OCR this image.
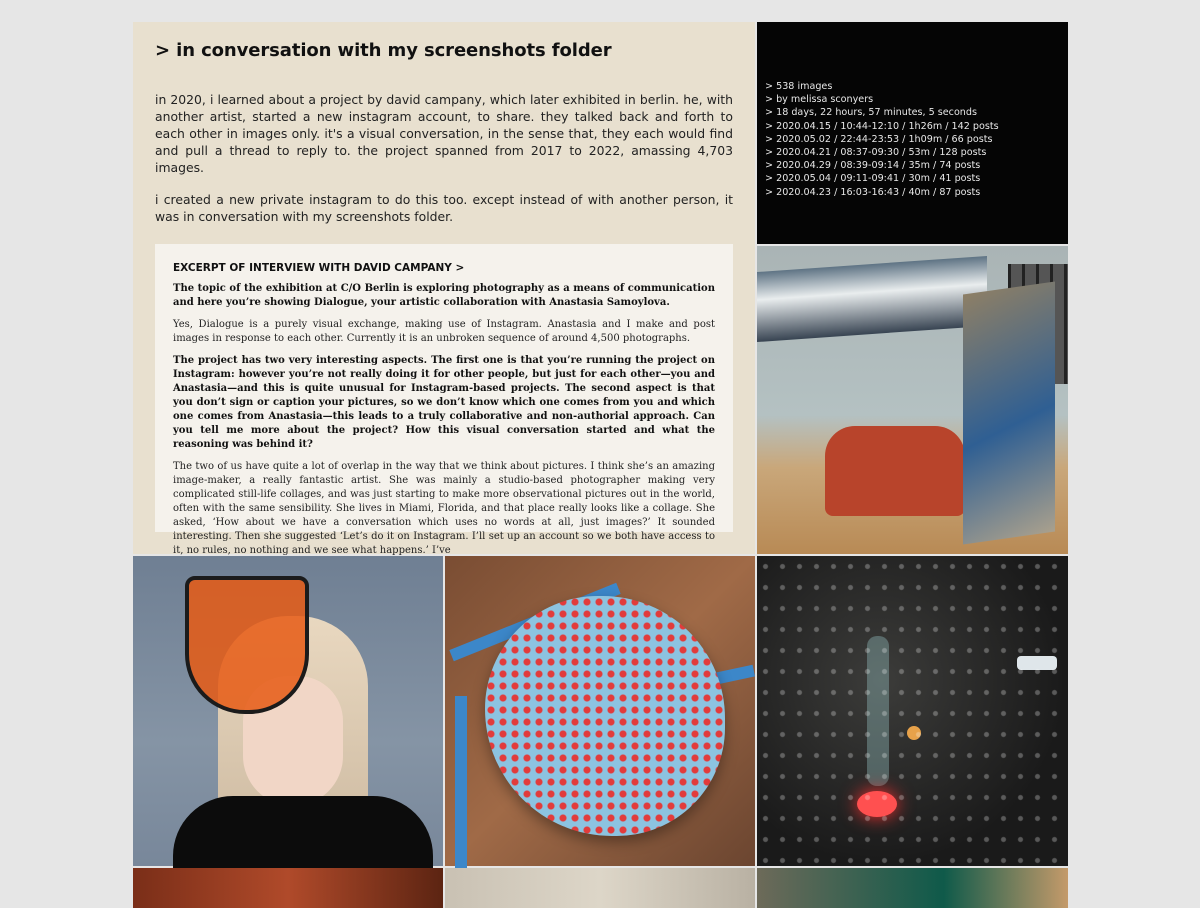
> in conversation with my screenshots folder

in 2020, i learned about a project by david campany, which later exhibited in berlin. he, with another artist, started a new instagram account, to share. they talked back and forth to each other in images only. it's a visual conversation, in the sense that, they each would find and pull a thread to reply to. the project spanned from 2017 to 2022, amassing 4,703 images.

i created a new private instagram to do this too. except instead of with another person, it was in conversation with my screenshots folder.

EXCERPT OF INTERVIEW WITH DAVID CAMPANY >

The topic of the exhibition at C/O Berlin is exploring photography as a means of communication and here you’re showing Dialogue, your artistic collaboration with Anastasia Samoylova.

Yes, Dialogue is a purely visual exchange, making use of Instagram. Anastasia and I make and post images in response to each other. Currently it is an unbroken sequence of around 4,500 photographs.

The project has two very interesting aspects. The first one is that you’re running the project on Instagram: however you’re not really doing it for other people, but just for each other—you and Anastasia—and this is quite unusual for Instagram-based projects. The second aspect is that you don’t sign or caption your pictures, so we don’t know which one comes from you and which one comes from Anastasia—this leads to a truly collaborative and non-authorial approach. Can you tell me more about the project? How this visual conversation started and what the reasoning was behind it?

The two of us have quite a lot of overlap in the way that we think about pictures. I think she’s an amazing image-maker, a really fantastic artist. She was mainly a studio-based photographer making very complicated still-life collages, and was just starting to make more observational pictures out in the world, often with the same sensibility. She lives in Miami, Florida, and that place really looks like a collage. She asked, ‘How about we have a conversation which uses no words at all, just images?’ It sounded interesting. Then she suggested ‘Let’s do it on Instagram. I’ll set up an account so we both have access to it, no rules, no nothing and we see what happens.’ I’ve

> 538 images
> by melissa sconyers
> 18 days, 22 hours, 57 minutes, 5 seconds
> 2020.04.15 / 10:44-12:10 / 1h26m / 142 posts
> 2020.05.02 / 22:44-23:53 / 1h09m / 66 posts
> 2020.04.21 / 08:37-09:30 / 53m / 128 posts
> 2020.04.29 / 08:39-09:14 / 35m / 74 posts
> 2020.05.04 / 09:11-09:41 / 30m / 41 posts
> 2020.04.23 / 16:03-16:43 / 40m / 87 posts
